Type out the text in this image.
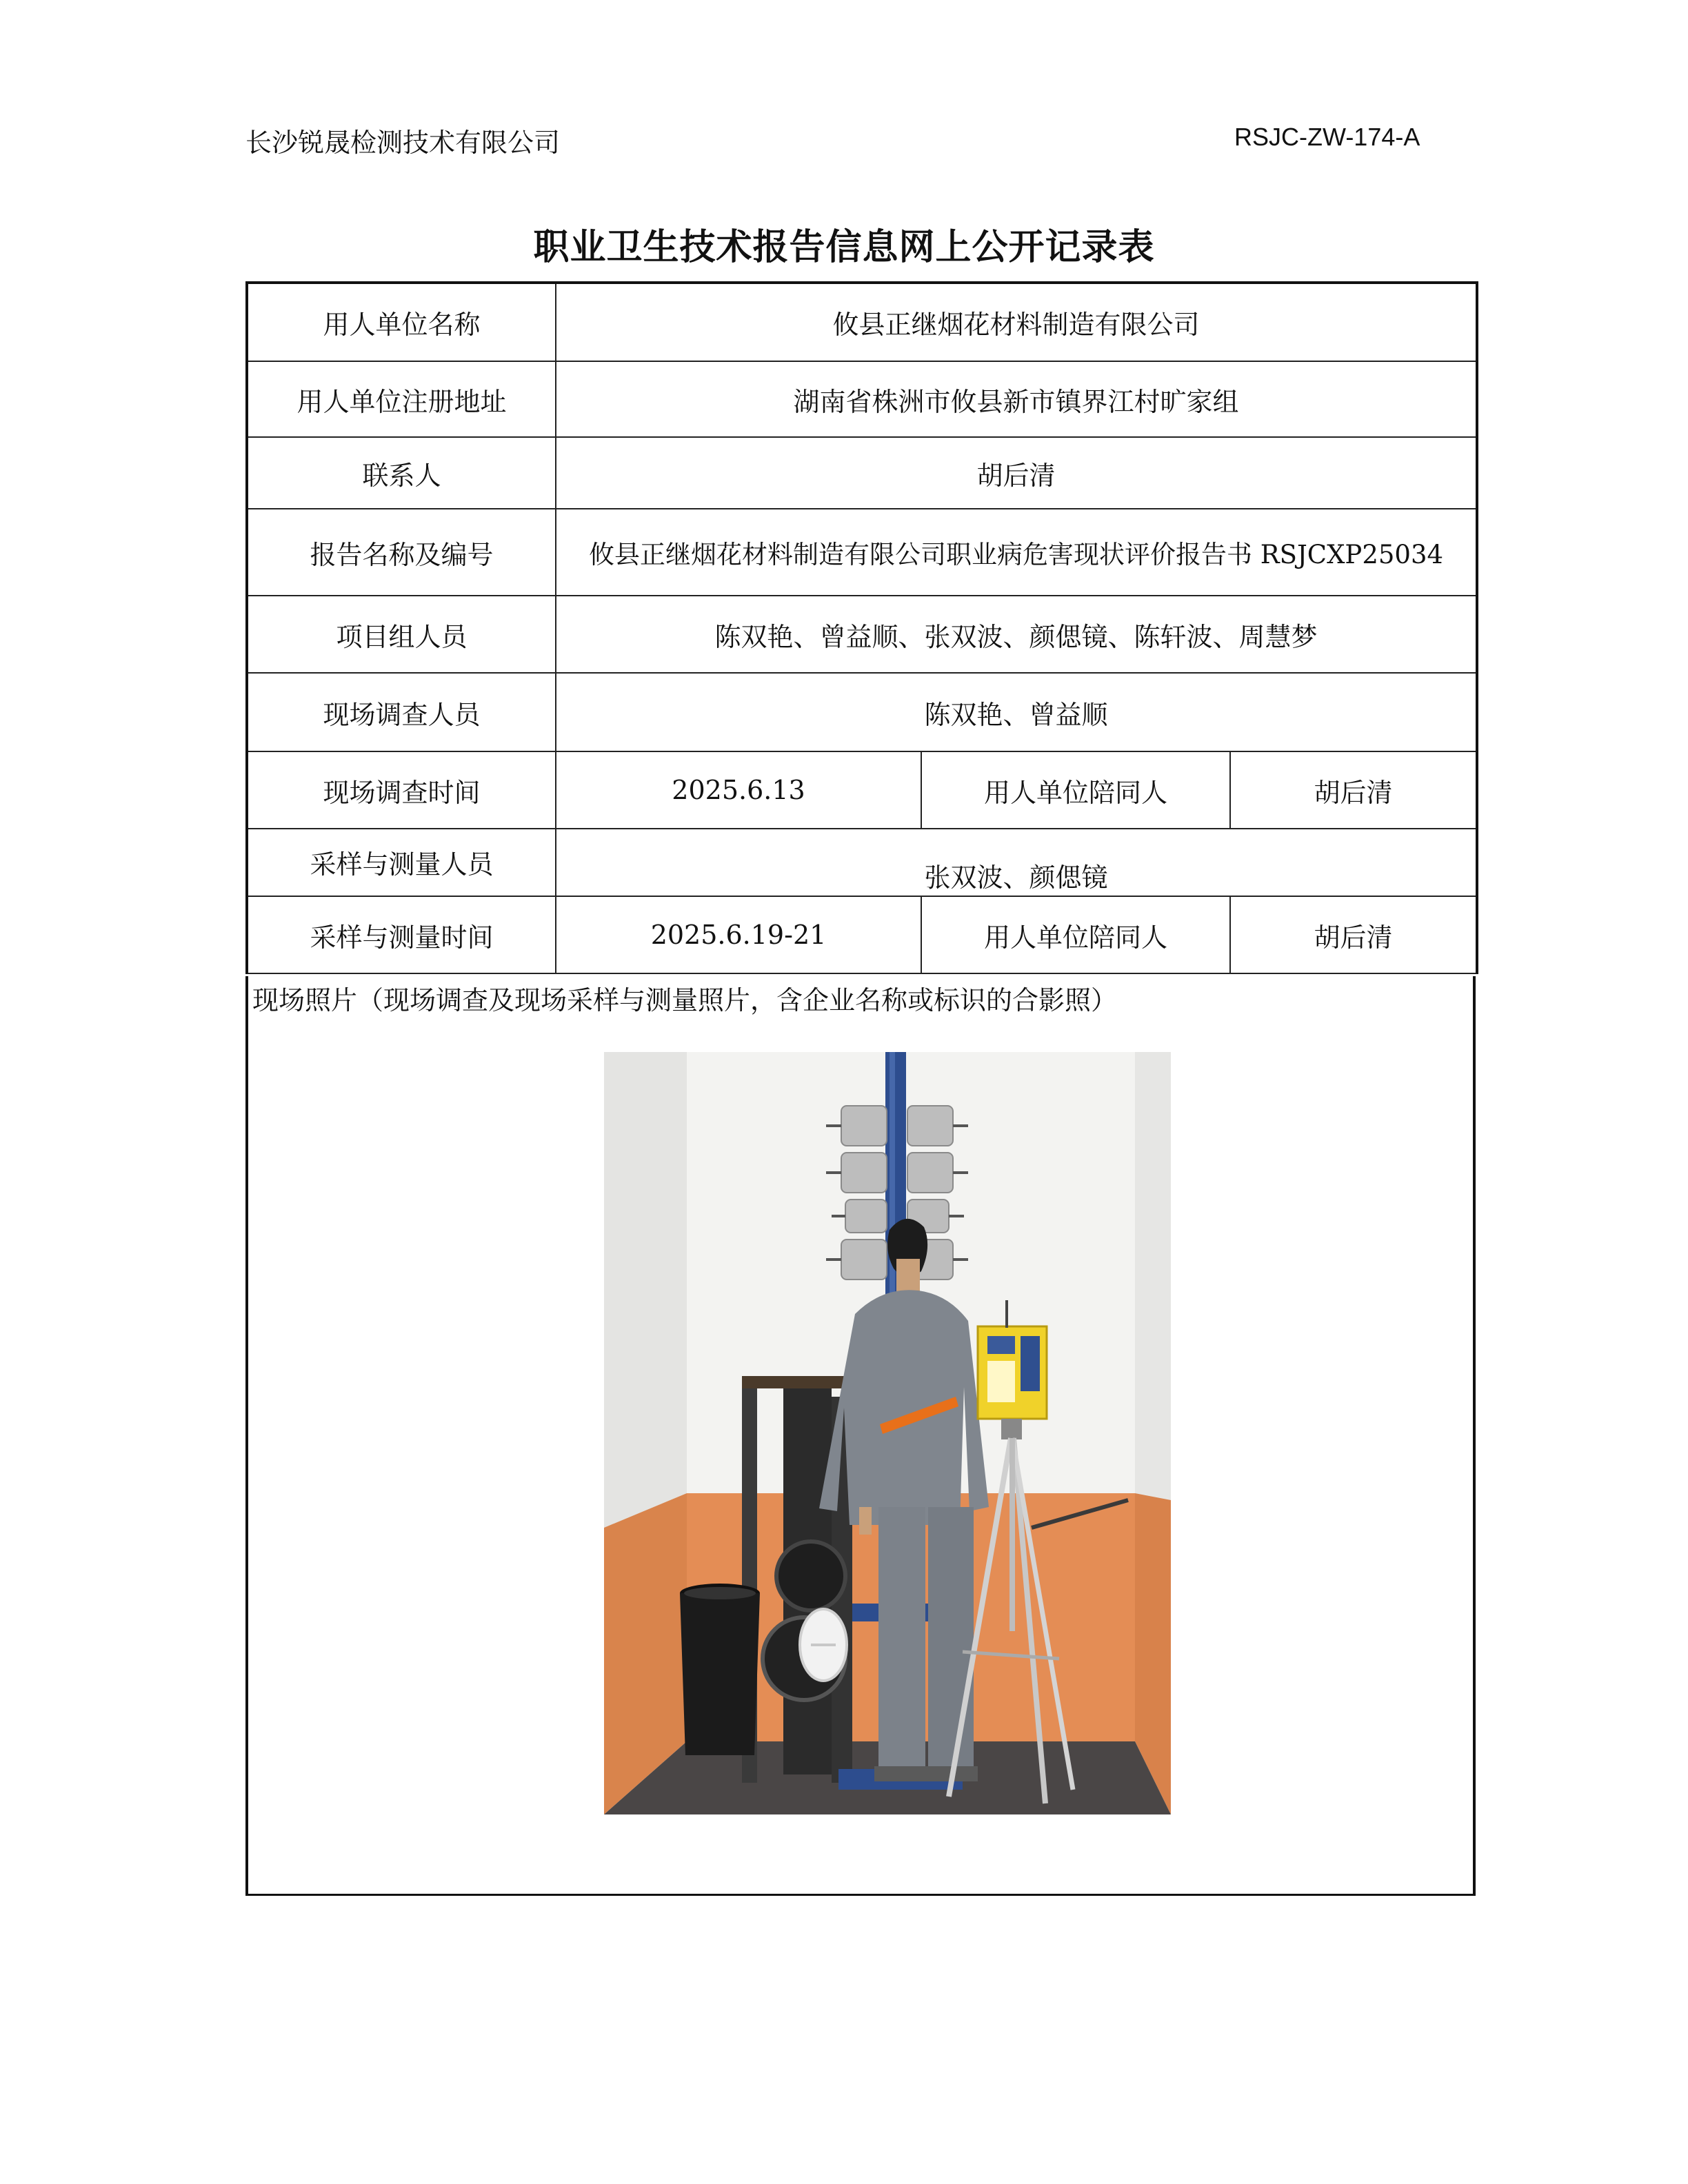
长沙锐晟检测技术有限公司	RSJC-ZW-174-A
职业卫生技术报告信息网上公开记录表
用人单位名称	攸县正继烟花材料制造有限公司		
用人单位注册地址	湖南省株洲市攸县新市镇界江村旷家组		
联系人	胡后清		
报告名称及编号	攸县正继烟花材料制造有限公司职业病危害现状评价报告书 RSJCXP25034		
项目组人员	陈双艳、曾益顺、张双波、颜偲镜、陈轩波、周慧梦		
现场调查人员	陈双艳、曾益顺		
现场调查时间	2025.6.13	用人单位陪同人	胡后清
采样与测量人员	张双波、颜偲镜		
采样与测量时间	2025.6.19-21	用人单位陪同人	胡后清
现场照片（现场调查及现场采样与测量照片，含企业名称或标识的合影照）
